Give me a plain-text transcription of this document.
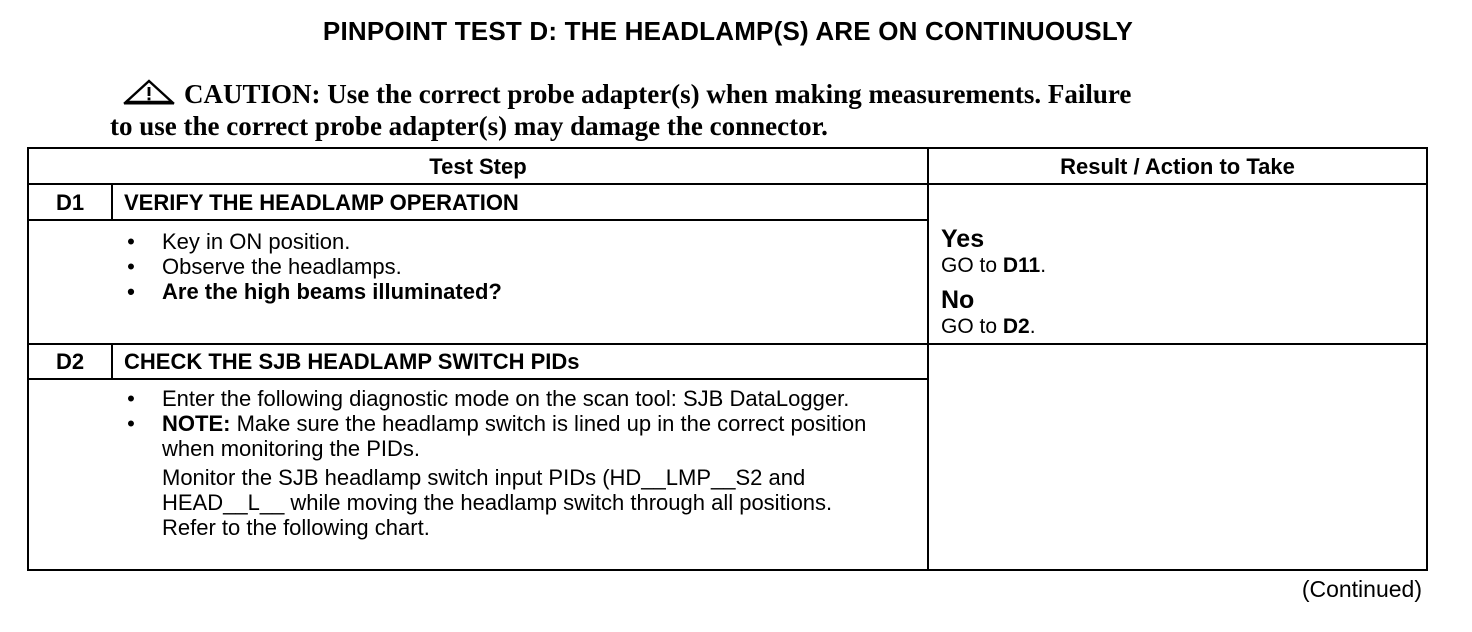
PINPOINT TEST D: THE HEADLAMP(S) ARE ON CONTINUOUSLY
CAUTION: Use the correct probe adapter(s) when making measurements. Failure
to use the correct probe adapter(s) may damage the connector.
Test Step	Result / Action to Take
D1	VERIFY THE HEADLAMP OPERATION
• Key in ON position.
• Observe the headlamps.
• Are the high beams illuminated?
Yes
GO to D11.
No
GO to D2.
D2	CHECK THE SJB HEADLAMP SWITCH PIDs
• Enter the following diagnostic mode on the scan tool: SJB DataLogger.
• NOTE: Make sure the headlamp switch is lined up in the correct position when monitoring the PIDs.
Monitor the SJB headlamp switch input PIDs (HD__LMP__S2 and HEAD__L__ while moving the headlamp switch through all positions. Refer to the following chart.
(Continued)
